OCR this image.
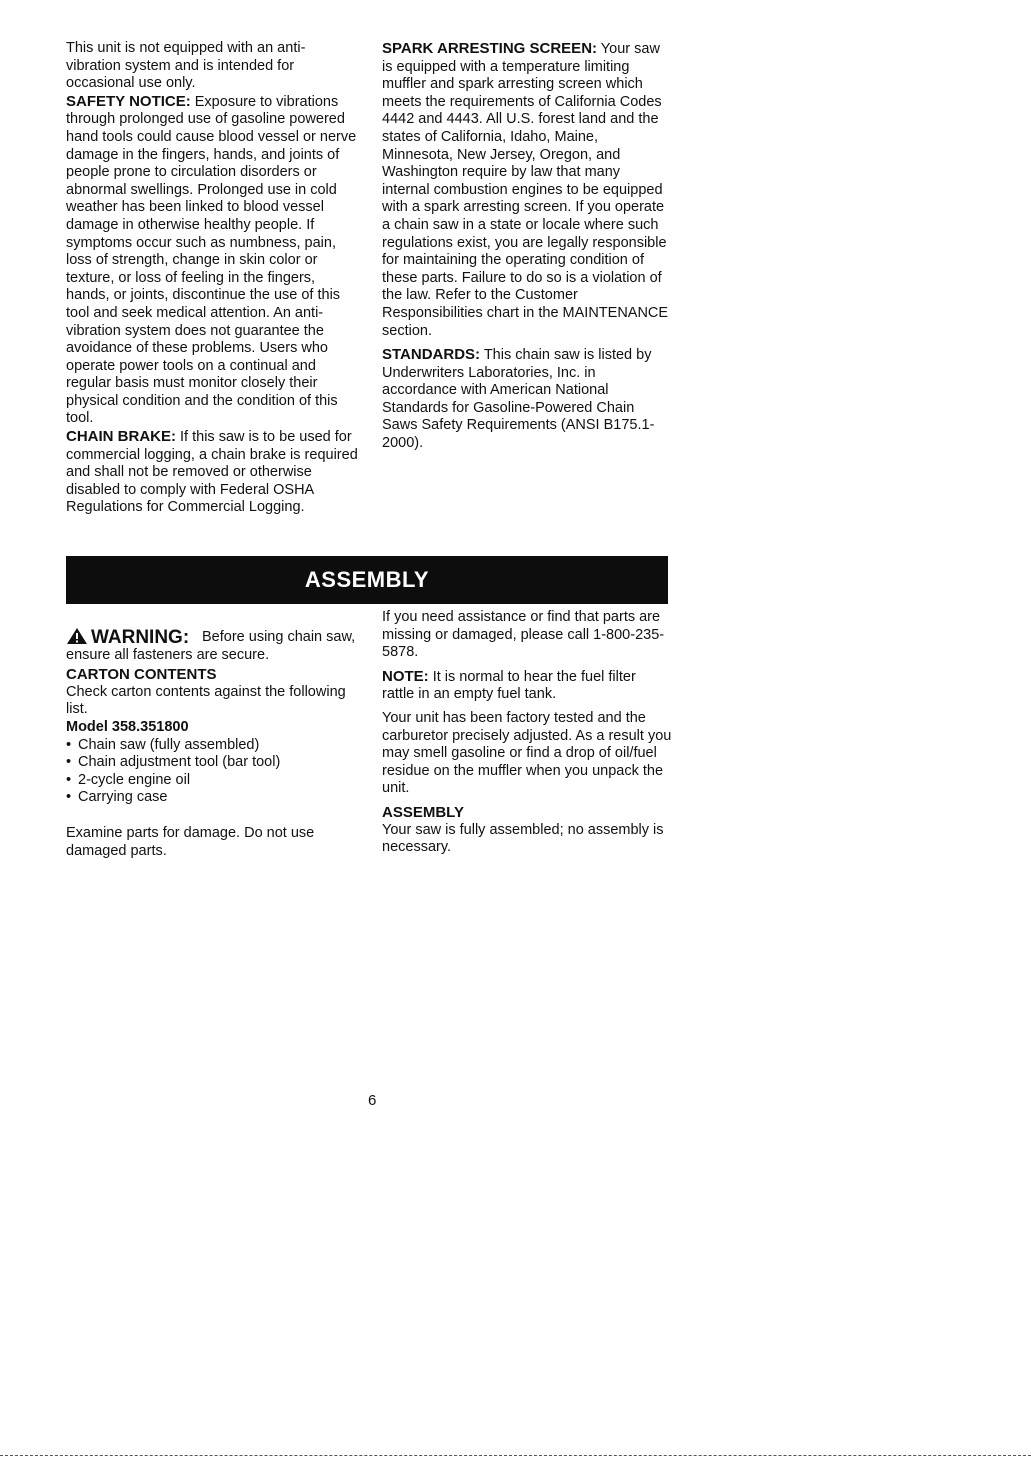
This unit is not equipped with an anti-vibration system and is intended for occasional use only.

SAFETY NOTICE: Exposure to vibrations through prolonged use of gasoline powered hand tools could cause blood vessel or nerve damage in the fingers, hands, and joints of people prone to circulation disorders or abnormal swellings. Prolonged use in cold weather has been linked to blood vessel damage in otherwise healthy people. If symptoms occur such as numbness, pain, loss of strength, change in skin color or texture, or loss of feeling in the fingers, hands, or joints, discontinue the use of this tool and seek medical attention. An anti-vibration system does not guarantee the avoidance of these problems. Users who operate power tools on a continual and regular basis must monitor closely their physical condition and the condition of this tool.

CHAIN BRAKE: If this saw is to be used for commercial logging, a chain brake is required and shall not be removed or otherwise disabled to comply with Federal OSHA Regulations for Commercial Logging.

SPARK ARRESTING SCREEN: Your saw is equipped with a temperature limiting muffler and spark arresting screen which meets the requirements of California Codes 4442 and 4443. All U.S. forest land and the states of California, Idaho, Maine, Minnesota, New Jersey, Oregon, and Washington require by law that many internal combustion engines to be equipped with a spark arresting screen. If you operate a chain saw in a state or locale where such regulations exist, you are legally responsible for maintaining the operating condition of these parts. Failure to do so is a violation of the law. Refer to the Customer Responsibilities chart in the MAINTENANCE section.

STANDARDS: This chain saw is listed by Underwriters Laboratories, Inc. in accordance with American National Standards for Gasoline-Powered Chain Saws Safety Requirements (ANSI B175.1-2000).

ASSEMBLY
WARNING: Before using chain saw, ensure all fasteners are secure.

CARTON CONTENTS

Check carton contents against the following list.

Model 358.351800

• Chain saw (fully assembled)
• Chain adjustment tool (bar tool)
• 2-cycle engine oil
• Carrying case

Examine parts for damage. Do not use damaged parts.

If you need assistance or find that parts are missing or damaged, please call 1-800-235-5878.

NOTE: It is normal to hear the fuel filter rattle in an empty fuel tank.

Your unit has been factory tested and the carburetor precisely adjusted. As a result you may smell gasoline or find a drop of oil/fuel residue on the muffler when you unpack the unit.

ASSEMBLY

Your saw is fully assembled; no assembly is necessary.

6
